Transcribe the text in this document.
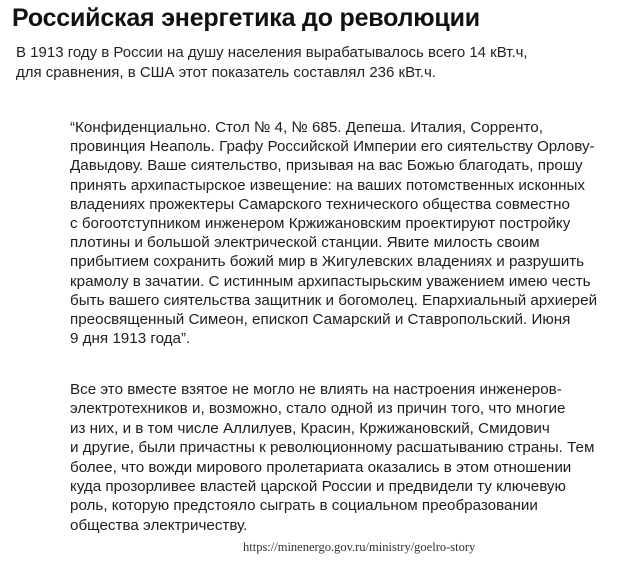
Российская энергетика до революции

В 1913 году в России на душу населения вырабатывалось всего 14 кВт.ч,
для сравнения, в США этот показатель составлял 236 кВт.ч.

“Конфиденциально. Стол № 4, № 685. Депеша. Италия, Сорренто,
провинция Неаполь. Графу Российской Империи его сиятельству Орлову-
Давыдову. Ваше сиятельство, призывая на вас Божью благодать, прошу
принять архипастырское извещение: на ваших потомственных исконных
владениях прожектеры Самарского технического общества совместно
с богоотступником инженером Кржижановским проектируют постройку
плотины и большой электрической станции. Явите милость своим
прибытием сохранить божий мир в Жигулевских владениях и разрушить
крамолу в зачатии. С истинным архипастырьским уважением имею честь
быть вашего сиятельства защитник и богомолец. Епархиальный архиерей
преосвященный Симеон, епископ Самарский и Ставропольский. Июня
9 дня 1913 года”.

Все это вместе взятое не могло не влиять на настроения инженеров-
электротехников и, возможно, стало одной из причин того, что многие
из них, и в том числе Аллилуев, Красин, Кржижановский, Смидович
и другие, были причастны к революционному расшатыванию страны. Тем
более, что вожди мирового пролетариата оказались в этом отношении
куда прозорливее властей царской России и предвидели ту ключевую
роль, которую предстояло сыграть в социальном преобразовании
общества электричеству.

https://minenergo.gov.ru/ministry/goelro-story
